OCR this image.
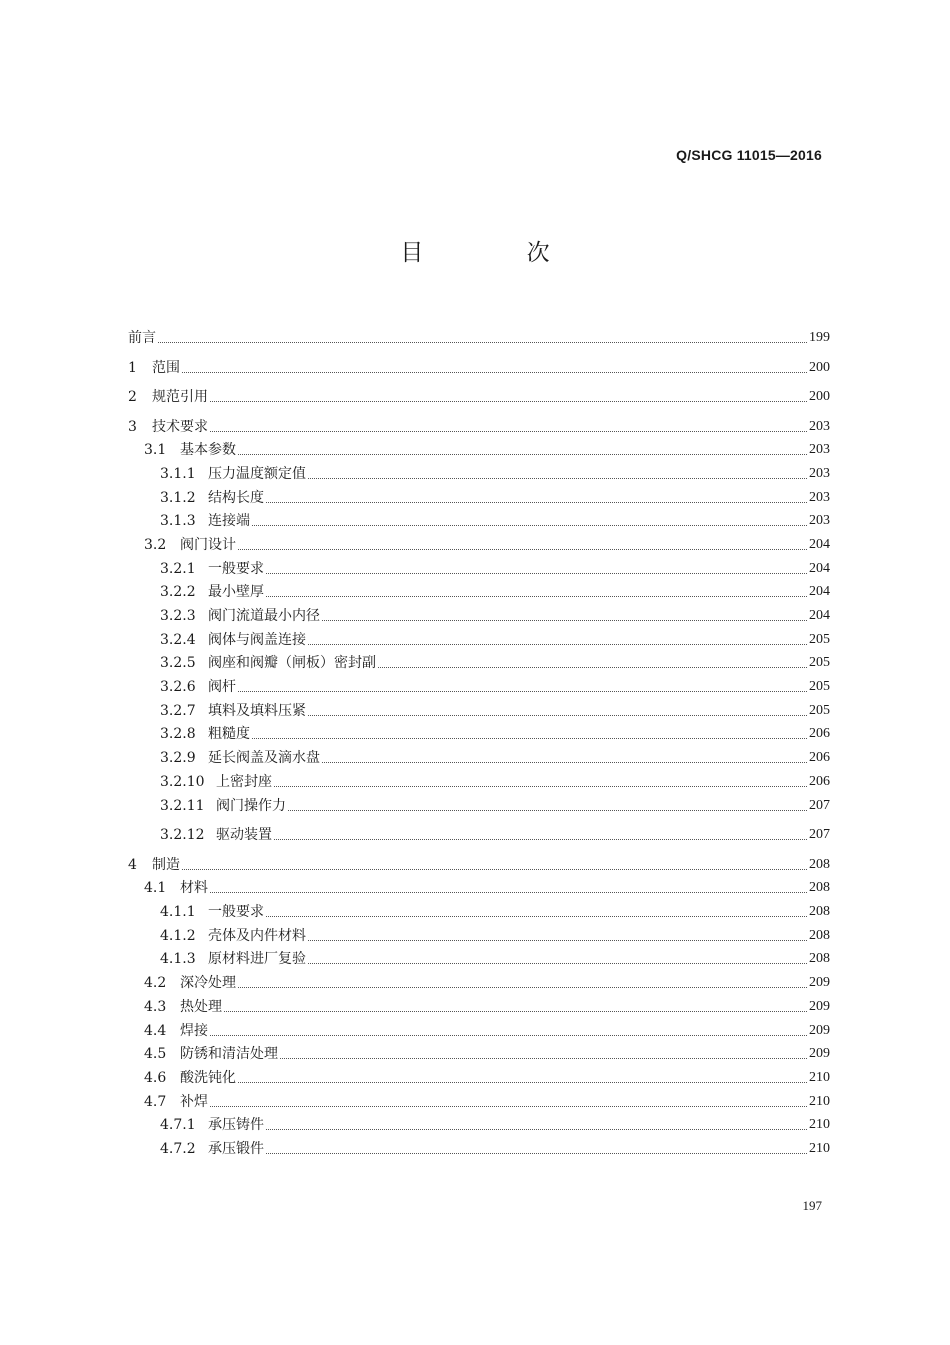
Q/SHCG 11015—2016
目 次
前言	199
1	范围	200
2	规范引用	200
3	技术要求	203
3.1 基本参数	203
3.1.1 压力温度额定值	203
3.1.2 结构长度	203
3.1.3 连接端	203
3.2 阀门设计	204
3.2.1 一般要求	204
3.2.2 最小壁厚	204
3.2.3 阀门流道最小内径	204
3.2.4 阀体与阀盖连接	205
3.2.5 阀座和阀瓣（闸板）密封副	205
3.2.6 阀杆	205
3.2.7 填料及填料压紧	205
3.2.8 粗糙度	206
3.2.9 延长阀盖及滴水盘	206
3.2.10 上密封座	206
3.2.11 阀门操作力	207
3.2.12 驱动装置	207
4	制造	208
4.1 材料	208
4.1.1 一般要求	208
4.1.2 壳体及内件材料	208
4.1.3 原材料进厂复验	208
4.2 深冷处理	209
4.3 热处理	209
4.4 焊接	209
4.5 防锈和清洁处理	209
4.6 酸洗钝化	210
4.7 补焊	210
4.7.1 承压铸件	210
4.7.2 承压锻件	210
197
